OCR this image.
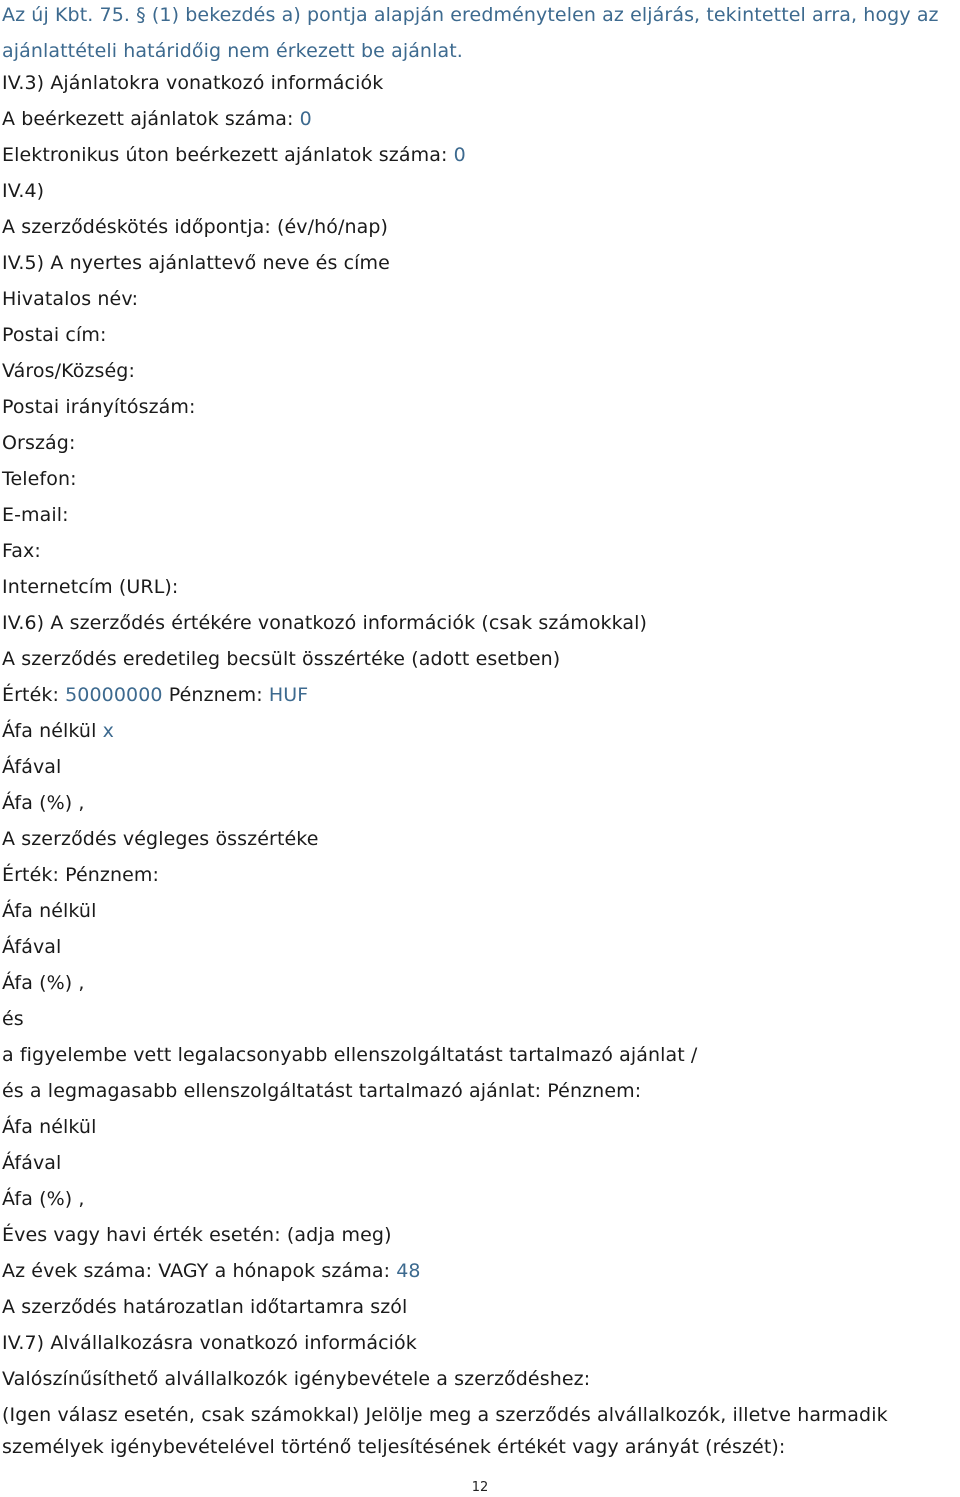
Az új Kbt. 75. § (1) bekezdés a) pontja alapján eredménytelen az eljárás, tekintettel arra, hogy az
ajánlattételi határidőig nem érkezett be ajánlat.
IV.3) Ajánlatokra vonatkozó információk
A beérkezett ajánlatok száma: 0
Elektronikus úton beérkezett ajánlatok száma: 0
IV.4)
A szerződéskötés időpontja: (év/hó/nap)
IV.5) A nyertes ajánlattevő neve és címe
Hivatalos név:
Postai cím:
Város/Község:
Postai irányítószám:
Ország:
Telefon:
E-mail:
Fax:
Internetcím (URL):
IV.6) A szerződés értékére vonatkozó információk (csak számokkal)
A szerződés eredetileg becsült összértéke (adott esetben)
Érték: 50000000 Pénznem: HUF
Áfa nélkül x
Áfával
Áfa (%) ,
A szerződés végleges összértéke
Érték: Pénznem:
Áfa nélkül
Áfával
Áfa (%) ,
és
a figyelembe vett legalacsonyabb ellenszolgáltatást tartalmazó ajánlat /
és a legmagasabb ellenszolgáltatást tartalmazó ajánlat: Pénznem:
Áfa nélkül
Áfával
Áfa (%) ,
Éves vagy havi érték esetén: (adja meg)
Az évek száma: VAGY a hónapok száma: 48
A szerződés határozatlan időtartamra szól
IV.7) Alvállalkozásra vonatkozó információk
Valószínűsíthető alvállalkozók igénybevétele a szerződéshez:
(Igen válasz esetén, csak számokkal) Jelölje meg a szerződés alvállalkozók, illetve harmadik
személyek igénybevételével történő teljesítésének értékét vagy arányát (részét):
12
